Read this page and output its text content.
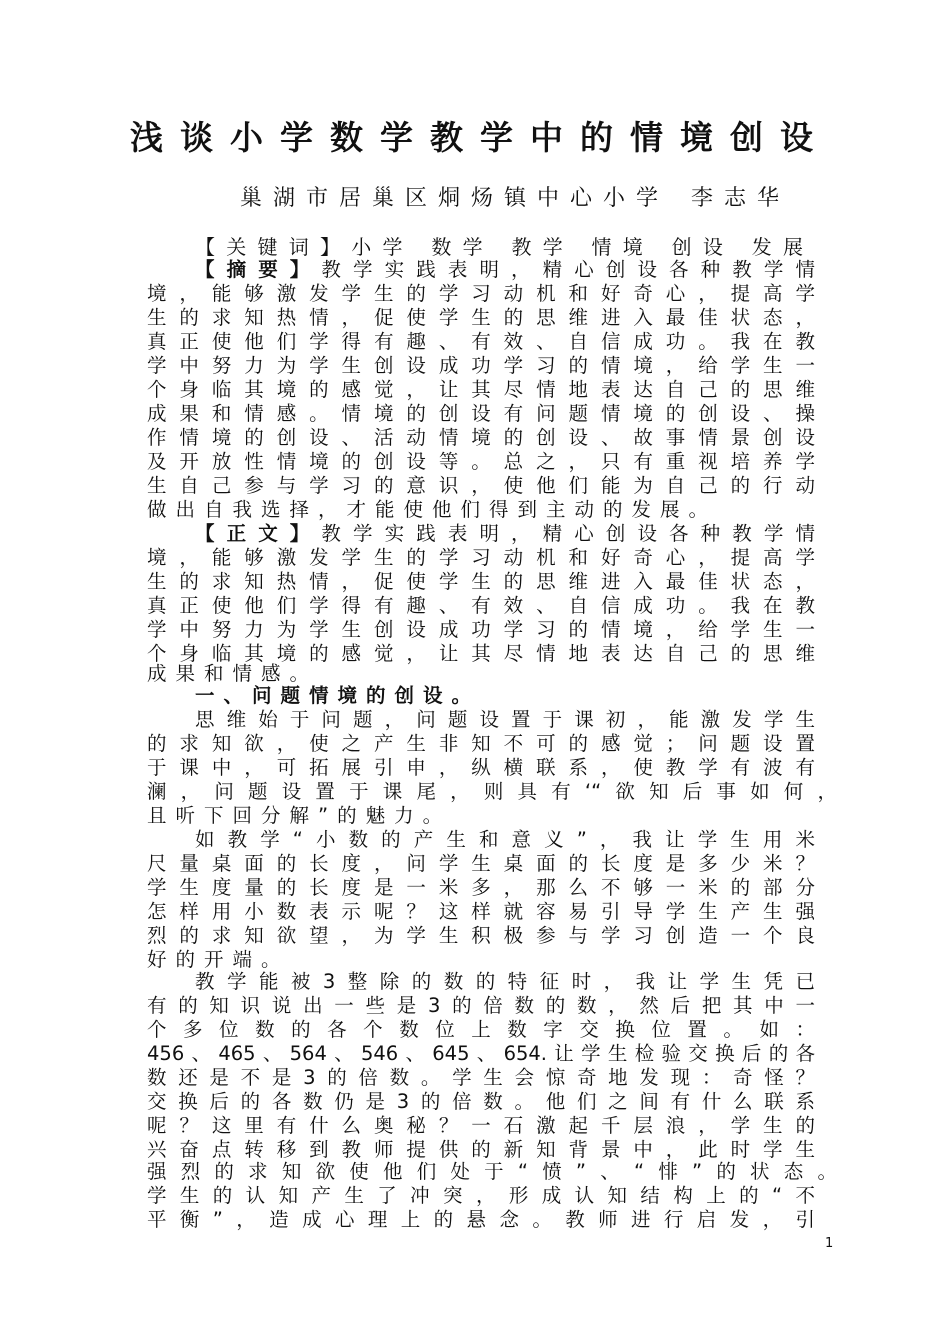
浅谈小学数学教学中的情境创设
巢湖市居巢区烔炀镇中心小学 李志华
【关键词】小学 数学 教学 情境 创设 发展
【摘要】教学实践表明，精心创设各种教学情
境，能够激发学生的学习动机和好奇心，提高学
生的求知热情，促使学生的思维进入最佳状态，
真正使他们学得有趣、有效、自信成功。我在教
学中努力为学生创设成功学习的情境，给学生一
个身临其境的感觉，让其尽情地表达自己的思维
成果和情感。情境的创设有问题情境的创设、操
作情境的创设、活动情境的创设、故事情景创设
及开放性情境的创设等。总之，只有重视培养学
生自己参与学习的意识，使他们能为自己的行动
做出自我选择，才能使他们得到主动的发展。
【正文】教学实践表明，精心创设各种教学情
境，能够激发学生的学习动机和好奇心，提高学
生的求知热情，促使学生的思维进入最佳状态，
真正使他们学得有趣、有效、自信成功。我在教
学中努力为学生创设成功学习的情境，给学生一
个身临其境的感觉，让其尽情地表达自己的思维
成果和情感。
一、问题情境的创设。
思维始于问题，问题设置于课初，能激发学生
的求知欲，使之产生非知不可的感觉；问题设置
于课中，可拓展引申，纵横联系，使教学有波有
澜，问题设置于课尾，则具有‘“欲知后事如何，
且听下回分解”的魅力。
如教学“小数的产生和意义”，我让学生用米
尺量桌面的长度，问学生桌面的长度是多少米？
学生度量的长度是一米多，那么不够一米的部分
怎样用小数表示呢？这样就容易引导学生产生强
烈的求知欲望，为学生积极参与学习创造一个良
好的开端。
教学能被3整除的数的特征时，我让学生凭已
有的知识说出一些是3的倍数的数，然后把其中一
个多位数的各个数位上数字交换位置。如：
456、465、564、546、645、654.让学生检验交换后的各
数还是不是3的倍数。学生会惊奇地发现：奇怪？
交换后的各数仍是3的倍数。他们之间有什么联系
呢？这里有什么奥秘？一石激起千层浪，学生的
兴奋点转移到教师提供的新知背景中，此时学生
强烈的求知欲使他们处于“愤”、“悱”的状态。
学生的认知产生了冲突，形成认知结构上的“不
平衡”，造成心理上的悬念。教师进行启发，引
1
